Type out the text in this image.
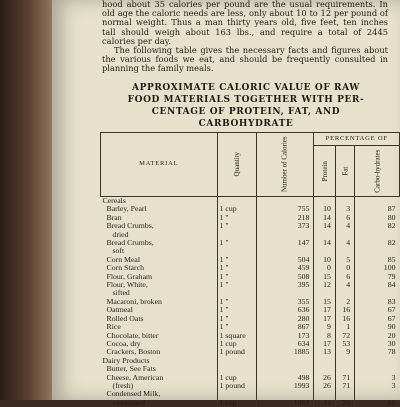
hood about 35 calories per pound are the usual requirements. In old age the caloric needs are less, only about 10 to 12 per pound of normal weight. Thus a man thirty years old, five feet, ten inches tall should weigh about 163 lbs., and require a total of 2445 calories per day.

The following table gives the necessary facts and figures about the various foods we eat, and should be frequently consulted in planning the family meals.

APPROXIMATE CALORIC VALUE OF RAW
FOOD MATERIALS TOGETHER WITH PER-
CENTAGE OF PROTEIN, FAT, AND
CARBOHYDRATE
MATERIAL	Quantity	Number of Calories	PERCENTAGE OF		
			Protein	Fat	Carbo-hydrates
Cereals					
Barley, Pearl	1 cup	755	10	3	87
Bran	1 "	218	14	6	80
Bread Crumbs,	1 "	373	14	4	82
dried					
Bread Crumbs,	1 "	147	14	4	82
soft					
Corn Meal	1 "	504	10	5	85
Corn Starch	1 "	459	0	0	100
Flour, Graham	1 "	508	15	6	79
Flour, White,	1 "	395	12	4	84
sifted					
Macaroni, broken	1 "	355	15	2	83
Oatmeal	1 "	636	17	16	67
Rolled Oats	1 "	280	17	16	67
Rice	1 "	867	9	1	90
Chocolate, bitter	1 square	173	8	72	20
Cocoa, dry	1 cup	634	17	53	30
Crackers, Boston	1 pound	1885	13	9	78
Dairy Products					
Butter, See Fats					
Cheese, American	1 cup	498	26	71	3
(fresh)	1 pound	1993	26	71	3
Condensed Milk,					
sweetened	1 cup	1067	11	23	66
